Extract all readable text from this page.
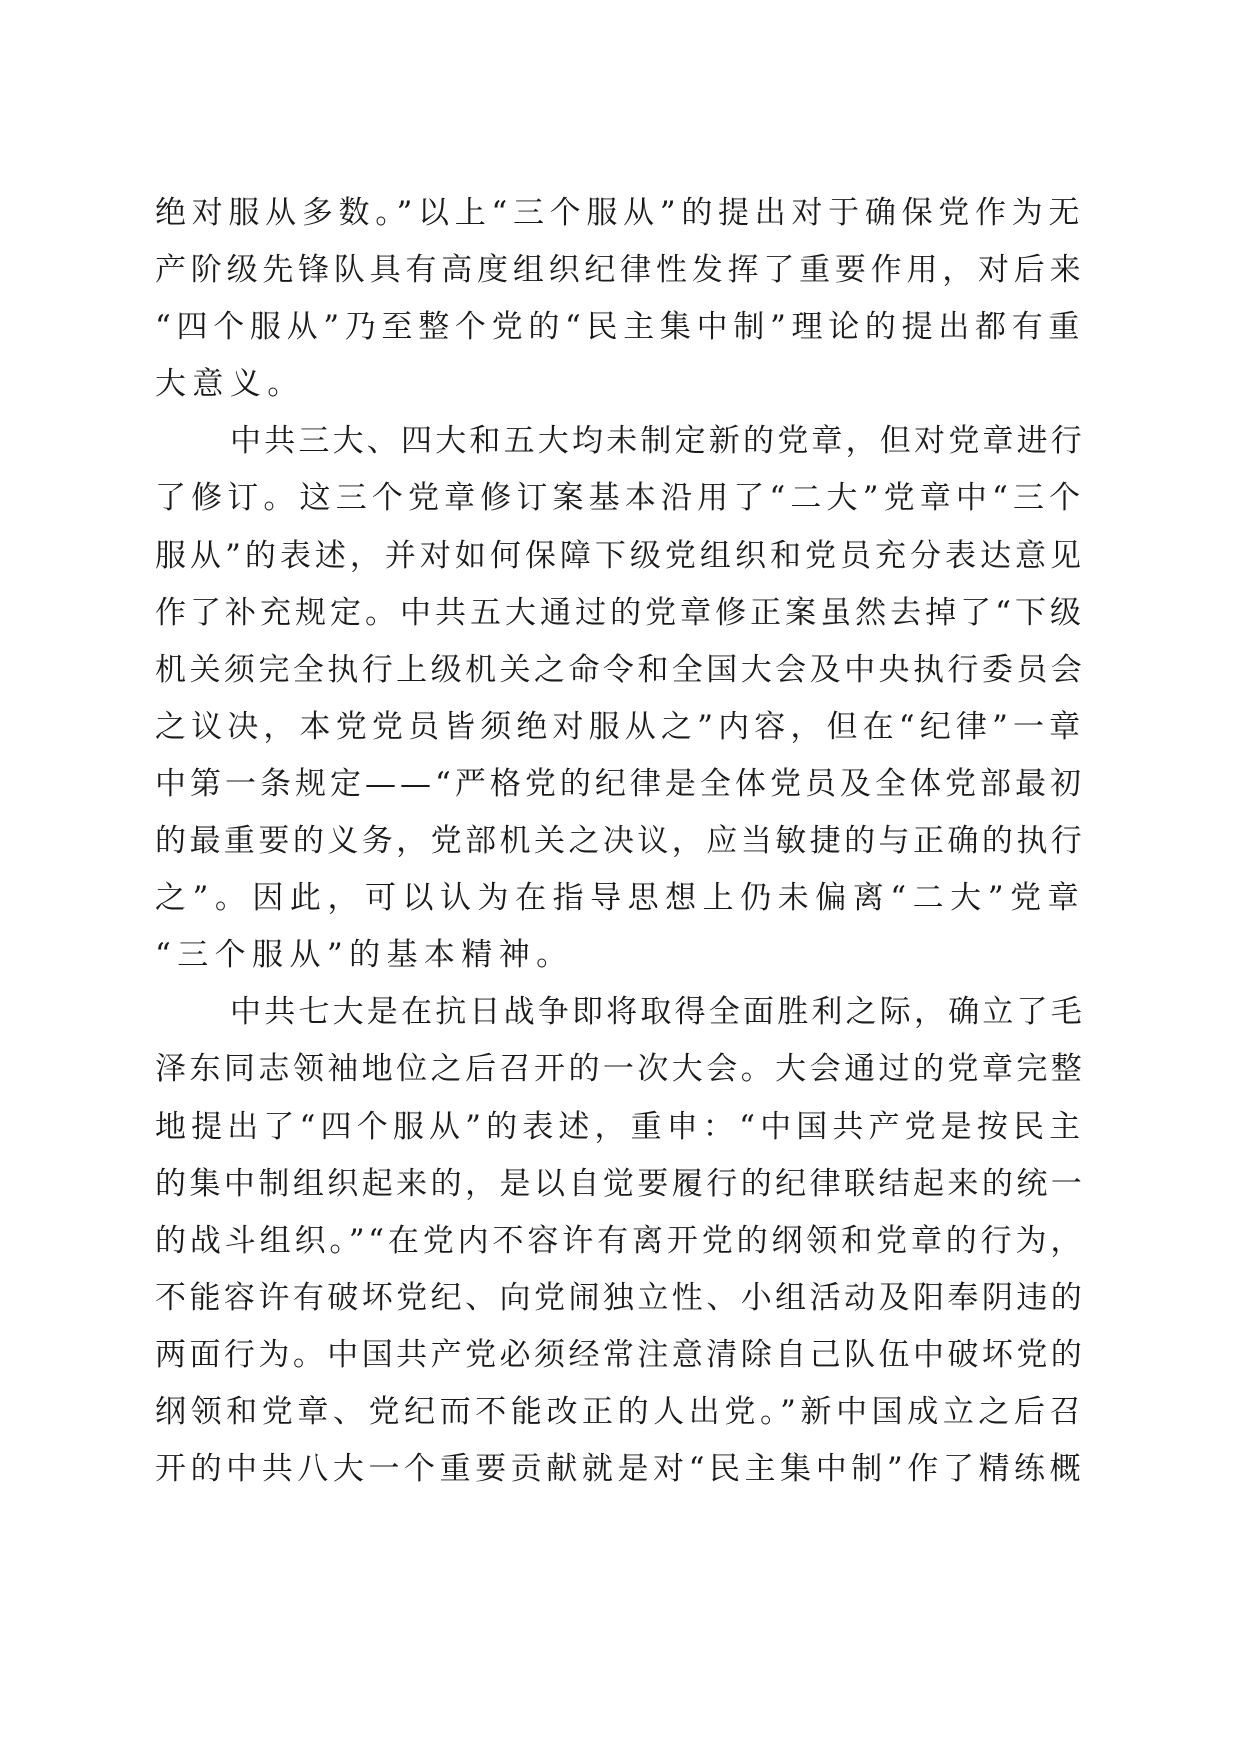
绝对服从多数。”以上“三个服从”的提出对于确保党作为无

产阶级先锋队具有高度组织纪律性发挥了重要作用，对后来

“四个服从”乃至整个党的“民主集中制”理论的提出都有重

大意义。

中共三大、四大和五大均未制定新的党章，但对党章进行

了修订。这三个党章修订案基本沿用了“二大”党章中“三个

服从”的表述，并对如何保障下级党组织和党员充分表达意见

作了补充规定。中共五大通过的党章修正案虽然去掉了“下级

机关须完全执行上级机关之命令和全国大会及中央执行委员会

之议决，本党党员皆须绝对服从之”内容，但在“纪律”一章

中第一条规定——“严格党的纪律是全体党员及全体党部最初

的最重要的义务，党部机关之决议，应当敏捷的与正确的执行

之”。因此，可以认为在指导思想上仍未偏离“二大”党章

“三个服从”的基本精神。

中共七大是在抗日战争即将取得全面胜利之际，确立了毛

泽东同志领袖地位之后召开的一次大会。大会通过的党章完整

地提出了“四个服从”的表述，重申：“中国共产党是按民主

的集中制组织起来的，是以自觉要履行的纪律联结起来的统一

的战斗组织。”“在党内不容许有离开党的纲领和党章的行为，

不能容许有破坏党纪、向党闹独立性、小组活动及阳奉阴违的

两面行为。中国共产党必须经常注意清除自己队伍中破坏党的

纲领和党章、党纪而不能改正的人出党。”新中国成立之后召

开的中共八大一个重要贡献就是对“民主集中制”作了精练概
